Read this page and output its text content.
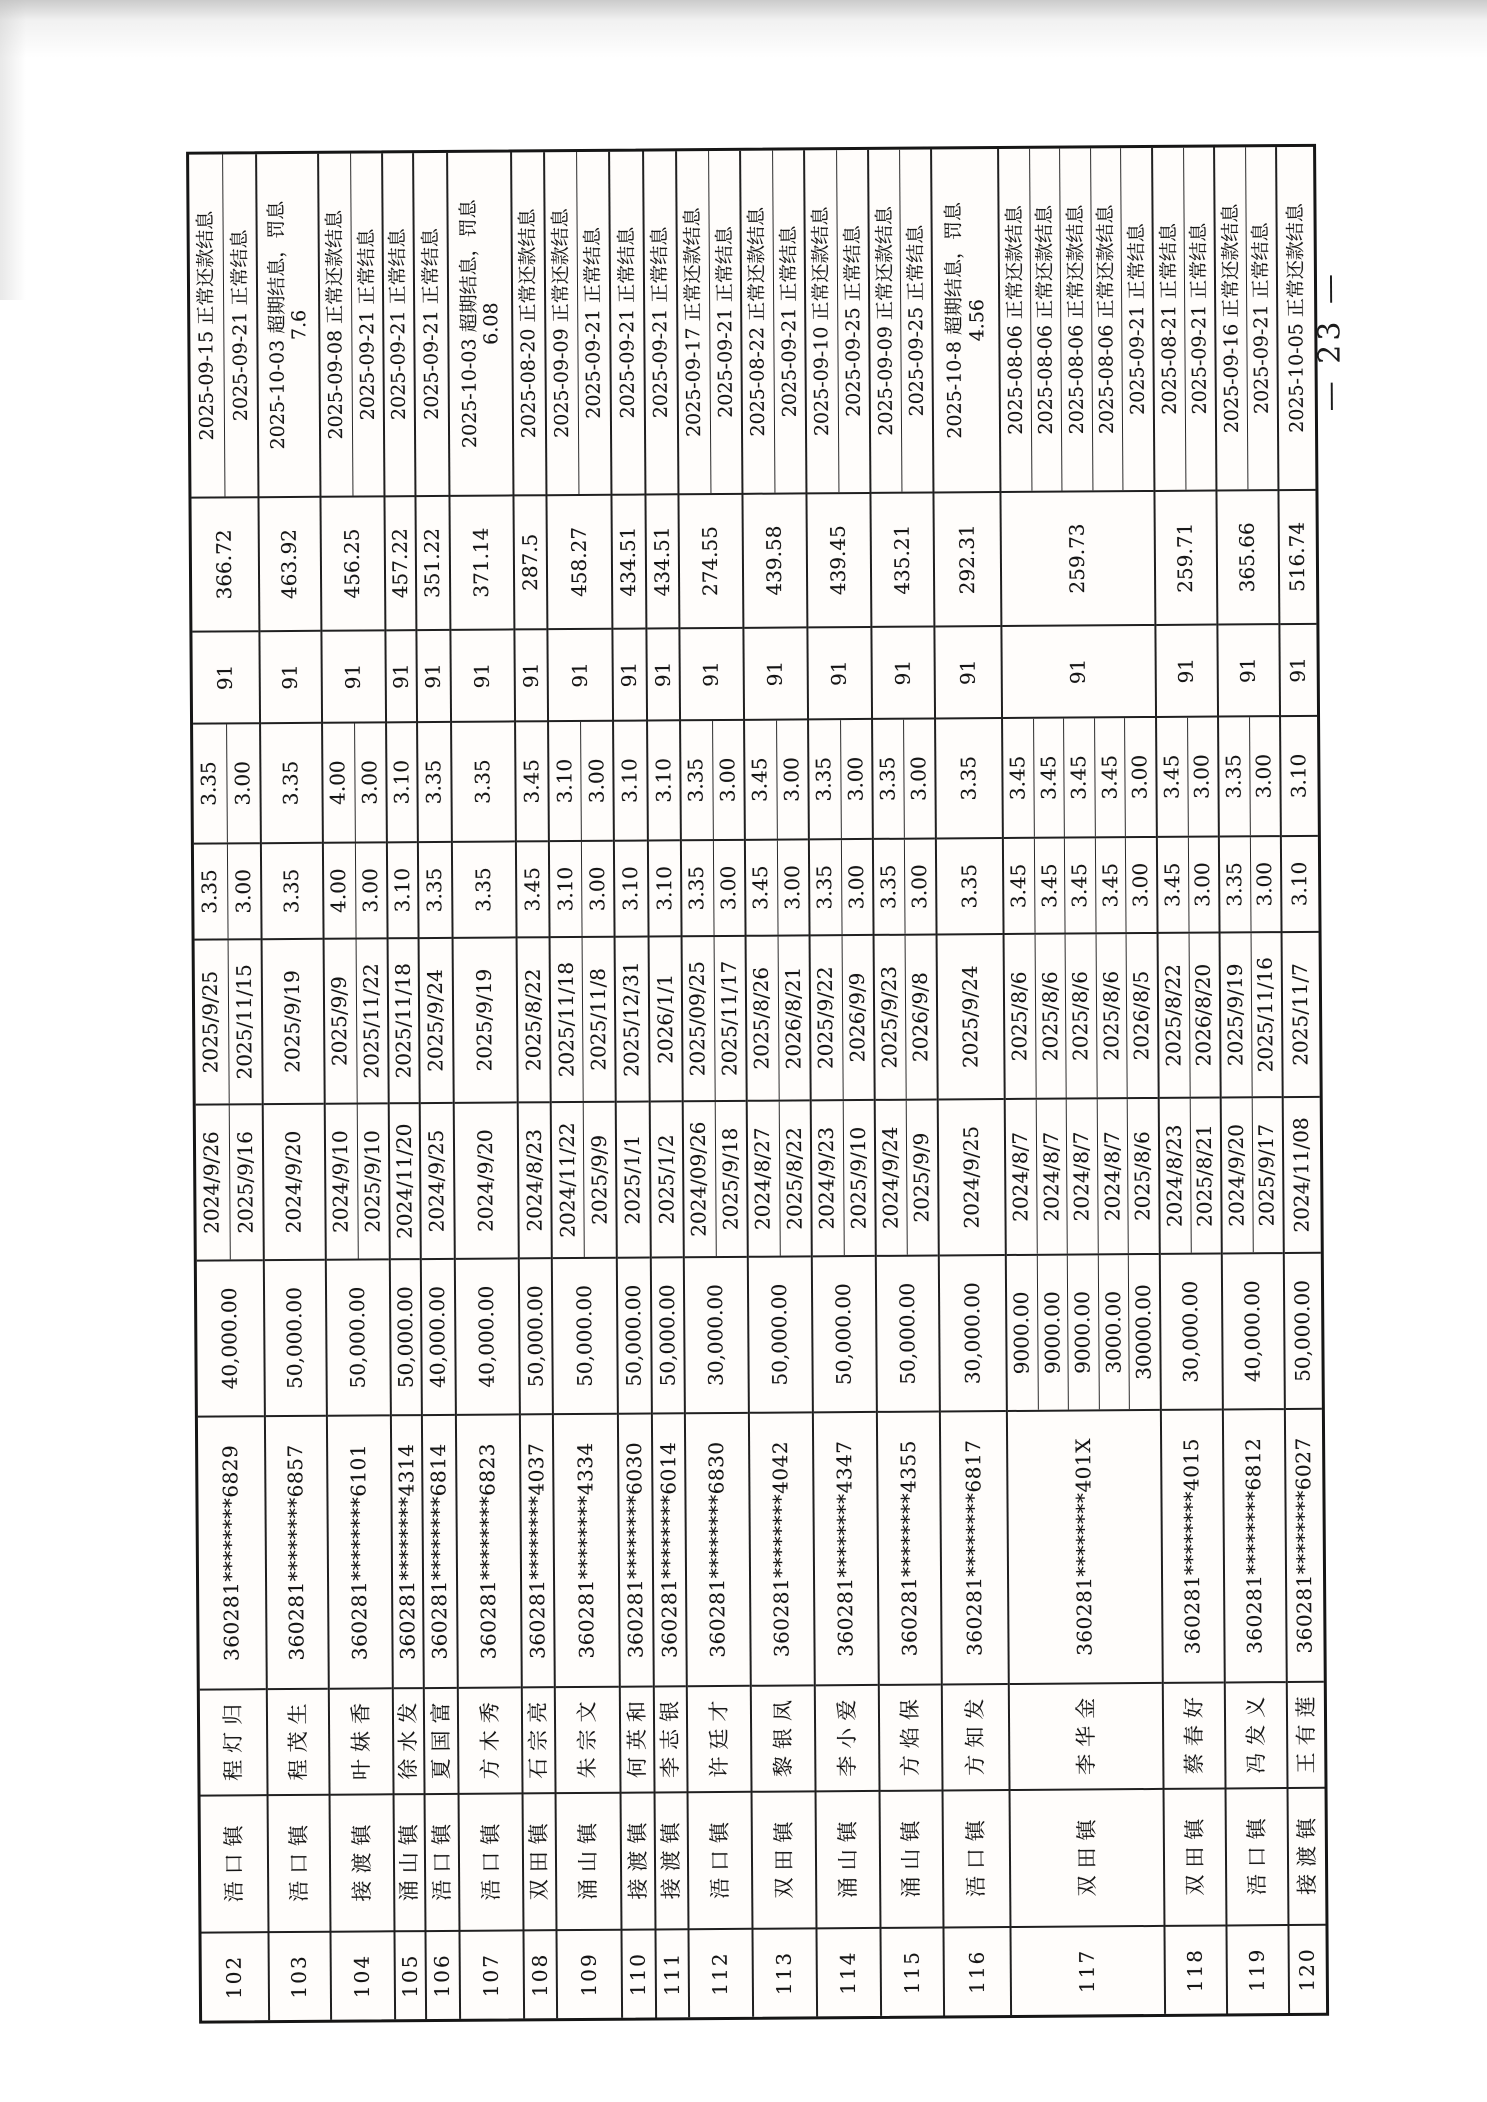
102
浯口镇
程灯归
360281********6829
40,000.00
2024/9/26 2025/9/16
2025/9/25 2025/11/15
3.35 3.00
3.35 3.00
91
366.72
2025-09-15 正常还款结息 2025-09-21 正常结息
103
浯口镇
程茂生
360281********6857
50,000.00
2024/9/20
2025/9/19
3.35
3.35
91
463.92
2025-10-03 超期结息，罚息 7.6
104
接渡镇
叶妹香
360281********6101
50,000.00
2024/9/10 2025/9/10
2025/9/9 2025/11/22
4.00 3.00
4.00 3.00
91
456.25
2025-09-08 正常还款结息 2025-09-21 正常结息
105
涌山镇
徐水发
360281********4314
50,000.00
2024/11/20
2025/11/18
3.10
3.10
91
457.22
2025-09-21 正常结息
106
浯口镇
夏国富
360281********6814
40,000.00
2024/9/25
2025/9/24
3.35
3.35
91
351.22
2025-09-21 正常结息
107
浯口镇
方木秀
360281********6823
40,000.00
2024/9/20
2025/9/19
3.35
3.35
91
371.14
2025-10-03 超期结息，罚息 6.08
108
双田镇
石宗亮
360281********4037
50,000.00
2024/8/23
2025/8/22
3.45
3.45
91
287.5
2025-08-20 正常还款结息
109
涌山镇
朱宗文
360281********4334
50,000.00
2024/11/22 2025/9/9
2025/11/18 2025/11/8
3.10 3.00
3.10 3.00
91
458.27
2025-09-09 正常还款结息 2025-09-21 正常结息
110
接渡镇
何英和
360281********6030
50,000.00
2025/1/1
2025/12/31
3.10
3.10
91
434.51
2025-09-21 正常结息
111
接渡镇
李志银
360281********6014
50,000.00
2025/1/2
2026/1/1
3.10
3.10
91
434.51
2025-09-21 正常结息
112
浯口镇
许廷才
360281********6830
30,000.00
2024/09/26 2025/9/18
2025/09/25 2025/11/17
3.35 3.00
3.35 3.00
91
274.55
2025-09-17 正常还款结息 2025-09-21 正常结息
113
双田镇
黎银凤
360281********4042
50,000.00
2024/8/27 2025/8/22
2025/8/26 2026/8/21
3.45 3.00
3.45 3.00
91
439.58
2025-08-22 正常还款结息 2025-09-21 正常结息
114
涌山镇
李小爱
360281********4347
50,000.00
2024/9/23 2025/9/10
2025/9/22 2026/9/9
3.35 3.00
3.35 3.00
91
439.45
2025-09-10 正常还款结息 2025-09-25 正常结息
115
涌山镇
方焰保
360281********4355
50,000.00
2024/9/24 2025/9/9
2025/9/23 2026/9/8
3.35 3.00
3.35 3.00
91
435.21
2025-09-09 正常还款结息 2025-09-25 正常结息
116
浯口镇
方知发
360281********6817
30,000.00
2024/9/25
2025/9/24
3.35
3.35
91
292.31
2025-10-8 超期结息，罚息 4.56
117
双田镇
李华金
360281********401X
9000.00 9000.00 9000.00 3000.00 30000.00
2024/8/7 2024/8/7 2024/8/7 2024/8/7 2025/8/6
2025/8/6 2025/8/6 2025/8/6 2025/8/6 2026/8/5
3.45 3.45 3.45 3.45 3.00
3.45 3.45 3.45 3.45 3.00
91
259.73
2025-08-06 正常还款结息 2025-08-06 正常还款结息 2025-08-06 正常还款结息 2025-08-06 正常还款结息 2025-09-21 正常结息
118
双田镇
蔡春好
360281********4015
30,000.00
2024/8/23 2025/8/21
2025/8/22 2026/8/20
3.45 3.00
3.45 3.00
91
259.71
2025-08-21 正常结息 2025-09-21 正常结息
119
浯口镇
冯发义
360281********6812
40,000.00
2024/9/20 2025/9/17
2025/9/19 2025/11/16
3.35 3.00
3.35 3.00
91
365.66
2025-09-16 正常还款结息 2025-09-21 正常结息
120
接渡镇
王有莲
360281********6027
50,000.00
2024/11/08
2025/11/7
3.10
3.10
91
516.74
2025-10-05 正常还款结息 — 23 —
